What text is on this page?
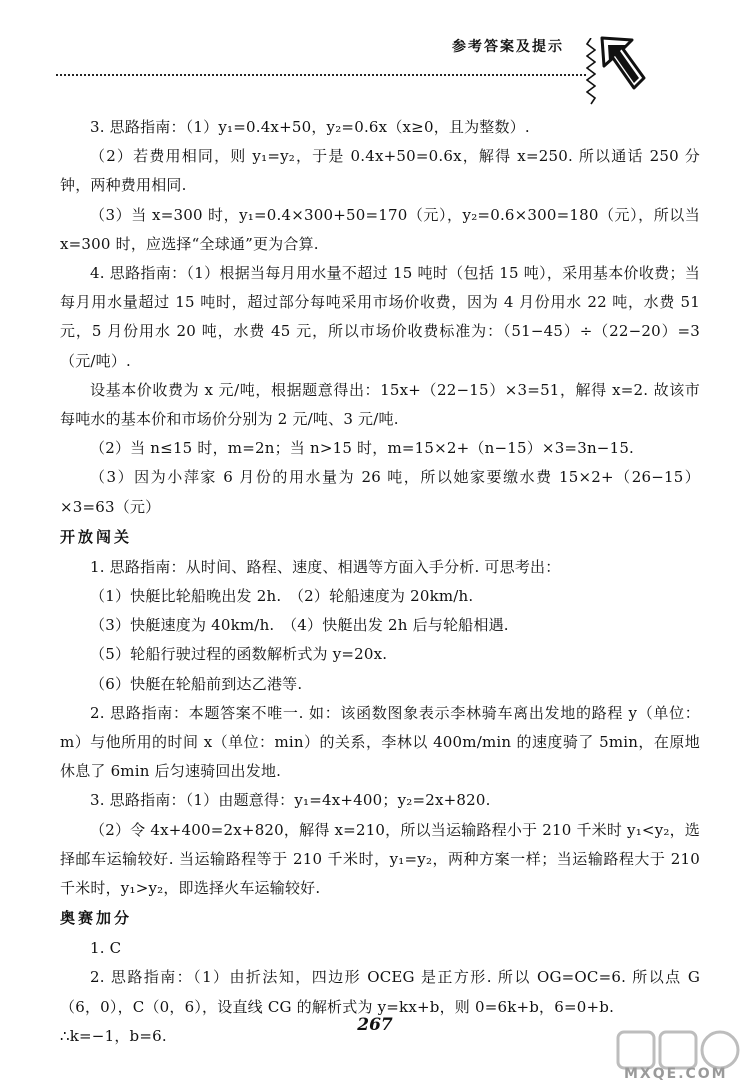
参考答案及提示

3. 思路指南：（1）y₁=0.4x+50，y₂=0.6x（x≥0，且为整数）.

（2）若费用相同，则 y₁=y₂，于是 0.4x+50=0.6x，解得 x=250. 所以通话 250 分钟，两种费用相同.

（3）当 x=300 时，y₁=0.4×300+50=170（元），y₂=0.6×300=180（元），所以当 x=300 时，应选择“全球通”更为合算.

4. 思路指南：（1）根据当每月用水量不超过 15 吨时（包括 15 吨），采用基本价收费；当每月用水量超过 15 吨时，超过部分每吨采用市场价收费，因为 4 月份用水 22 吨，水费 51 元，5 月份用水 20 吨，水费 45 元，所以市场价收费标准为：（51−45）÷（22−20）=3（元/吨）.

设基本价收费为 x 元/吨，根据题意得出：15x+（22−15）×3=51，解得 x=2. 故该市每吨水的基本价和市场价分别为 2 元/吨、3 元/吨.

（2）当 n≤15 时，m=2n；当 n>15 时，m=15×2+（n−15）×3=3n−15.

（3）因为小萍家 6 月份的用水量为 26 吨，所以她家要缴水费 15×2+（26−15）×3=63（元）

开放闯关

1. 思路指南：从时间、路程、速度、相遇等方面入手分析. 可思考出：

（1）快艇比轮船晚出发 2h.　（2）轮船速度为 20km/h.

（3）快艇速度为 40km/h.　（4）快艇出发 2h 后与轮船相遇.

（5）轮船行驶过程的函数解析式为 y=20x.

（6）快艇在轮船前到达乙港等.

2. 思路指南：本题答案不唯一. 如：该函数图象表示李林骑车离出发地的路程 y（单位：m）与他所用的时间 x（单位：min）的关系，李林以 400m/min 的速度骑了 5min，在原地休息了 6min 后匀速骑回出发地.

3. 思路指南：（1）由题意得：y₁=4x+400；y₂=2x+820.

（2）令 4x+400=2x+820，解得 x=210，所以当运输路程小于 210 千米时 y₁<y₂，选择邮车运输较好. 当运输路程等于 210 千米时，y₁=y₂，两种方案一样；当运输路程大于 210 千米时，y₁>y₂，即选择火车运输较好.

奥赛加分

1. C

2. 思路指南：（1）由折法知，四边形 OCEG 是正方形. 所以 OG=OC=6. 所以点 G（6，0），C（0，6），设直线 CG 的解析式为 y=kx+b，则 0=6k+b，6=0+b.

∴k=−1，b=6.

267
MXQE.COM
